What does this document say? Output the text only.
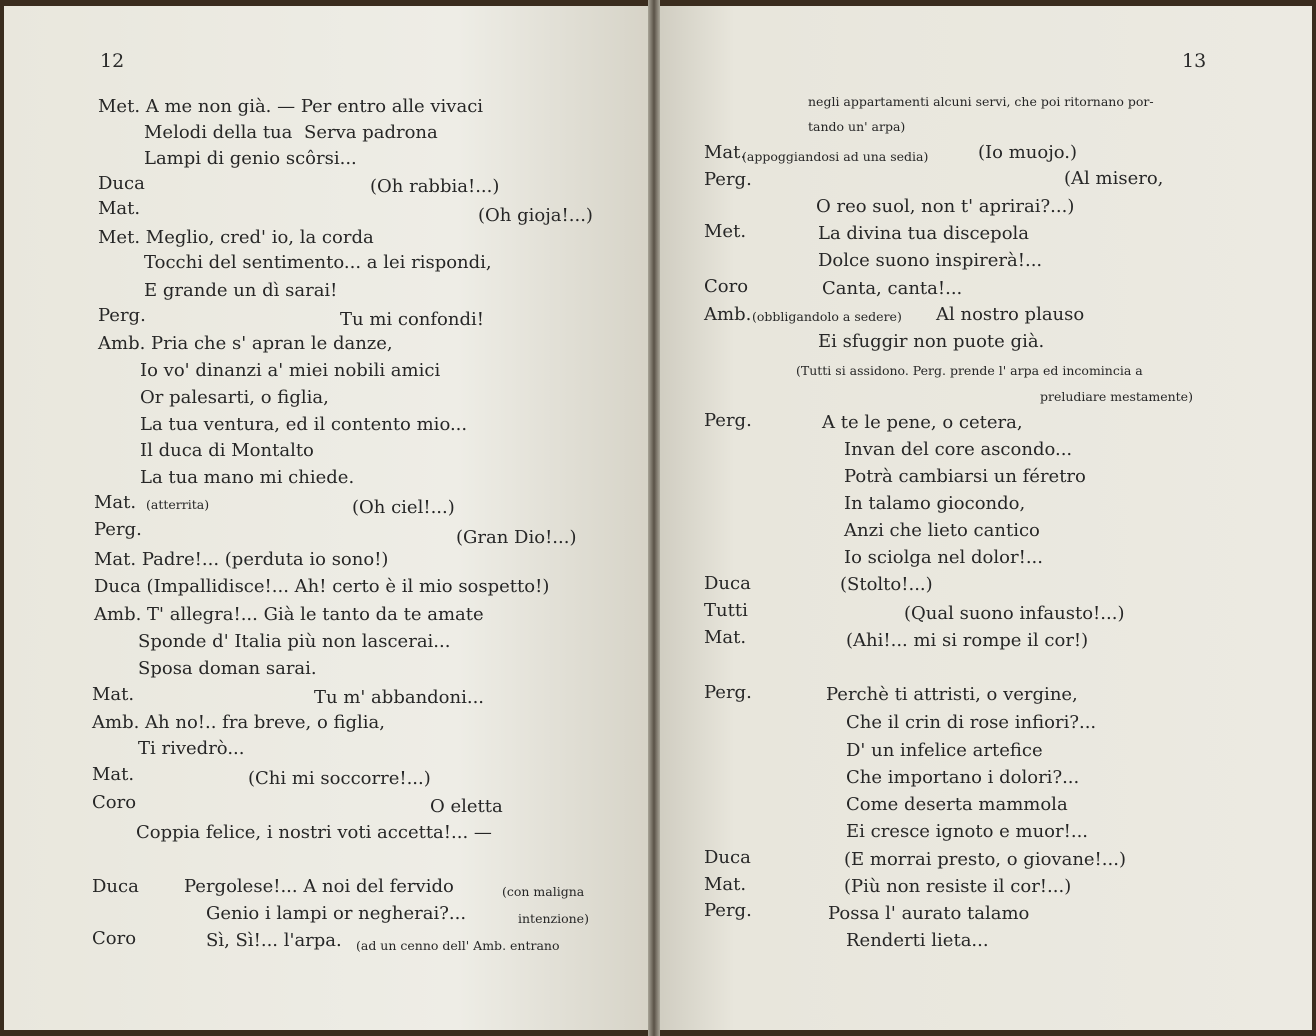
12	13
Met. A me non già. — Per entro alle vivaci
Melodi della tua Serva padrona
Lampi di genio scôrsi...
Duca	(Oh rabbia!...)
Mat.	(Oh gioja!...)
Met. Meglio, cred' io, la corda
Tocchi del sentimento... a lei rispondi,
E grande un dì sarai!
Perg.	Tu mi confondi!
Amb. Pria che s' apran le danze,
Io vo' dinanzi a' miei nobili amici
Or palesarti, o figlia,
La tua ventura, ed il contento mio...
Il duca di Montalto
La tua mano mi chiede.
Mat. (atterrita)	(Oh ciel!...)
Perg.	(Gran Dio!...)
Mat. Padre!... (perduta io sono!)
Duca (Impallidisce!... Ah! certo è il mio sospetto!)
Amb. T' allegra!... Già le tanto da te amate
Sponde d' Italia più non lascerai...
Sposa doman sarai.
Mat.	Tu m' abbandoni...
Amb. Ah no!.. fra breve, o figlia,
Ti rivedrò...
Mat.	(Chi mi soccorre!...)
Coro	O eletta
Coppia felice, i nostri voti accetta!... —
Duca	Pergolese!... A noi del fervido	(con maligna
Genio i lampi or negherai?...	intenzione)
Coro	Sì, Sì!... l'arpa. (ad un cenno dell' Amb. entrano
negli appartamenti alcuni servi, che poi ritornano por-
tando un' arpa)
Mat.
(appoggiandosi ad una sedia)	(Io muojo.)
Perg.	(Al misero,
O reo suol, non t' aprirai?...)
Met.	La divina tua discepola
Dolce suono inspirerà!...
Coro	Canta, canta!...
Amb. (obbligandolo a sedere) Al nostro plauso
Ei sfuggir non puote già.
(Tutti si assidono. Perg. prende l' arpa ed incomincia a
preludiare mestamente)
Perg.	A te le pene, o cetera,
Invan del core ascondo...
Potrà cambiarsi un féretro
In talamo giocondo,
Anzi che lieto cantico
Io sciolga nel dolor!...
Duca	(Stolto!...)
Tutti	(Qual suono infausto!...)
Mat.	(Ahi!... mi si rompe il cor!)
Perg.	Perchè ti attristi, o vergine,
Che il crin di rose infiori?...
D' un infelice artefice
Che importano i dolori?...
Come deserta mammola
Ei cresce ignoto e muor!...
Duca	(E morrai presto, o giovane!...)
Mat.	(Più non resiste il cor!...)
Perg.	Possa l' aurato talamo
Renderti lieta...
